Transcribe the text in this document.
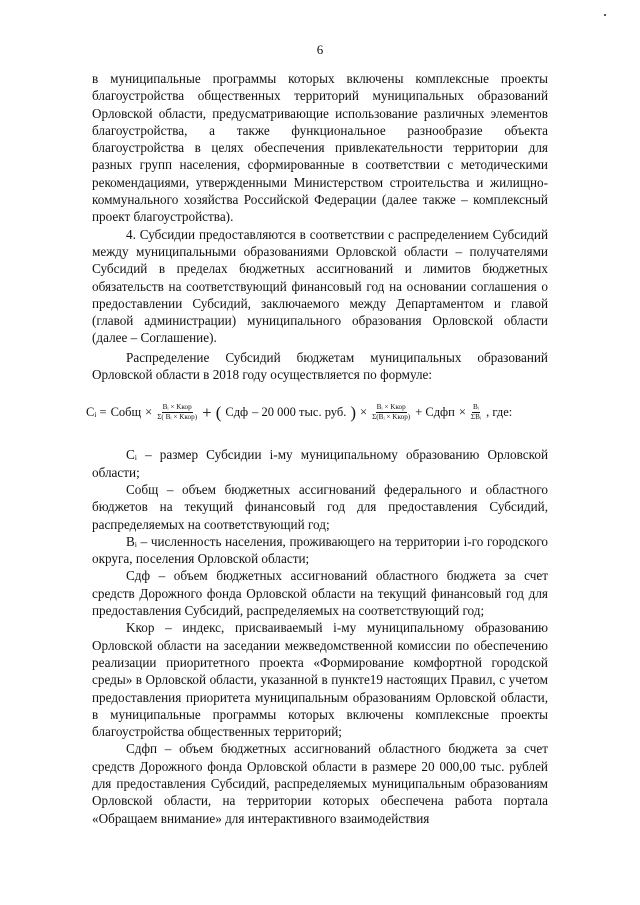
6

в муниципальные программы которых включены комплексные проекты благоустройства общественных территорий муниципальных образований Орловской области, предусматривающие использование различных элементов благоустройства, а также функциональное разнообразие объекта благоустройства в целях обеспечения привлекательности территории для разных групп населения, сформированные в соответствии с методическими рекомендациями, утвержденными Министерством строительства и жилищно-коммунального хозяйства Российской Федерации (далее также – комплексный проект благоустройства).

4. Субсидии предоставляются в соответствии с распределением Субсидий между муниципальными образованиями Орловской области – получателями Субсидий в пределах бюджетных ассигнований и лимитов бюджетных обязательств на соответствующий финансовый год на основании соглашения о предоставлении Субсидий, заключаемого между Департаментом и главой (главой администрации) муниципального образования Орловской области (далее – Соглашение).

Распределение Субсидий бюджетам муниципальных образований Орловской области в 2018 году осуществляется по формуле:

Cᵢ = Cобщ × $\frac{\text{Bᵢ × Kкор}}{\text{Σ( Bᵢ × Kкор)}}$ + ( Cдф – 20 000 тыс. руб. ) × $\frac{\text{Bᵢ × Kкор}}{\text{Σ(Bᵢ × Kкор)}}$ + Cдфп × $\frac{\text{Bᵢ}}{\text{ΣBᵢ}}$ , где:

Cᵢ – размер Субсидии i-му муниципальному образованию Орловской области;

Cобщ – объем бюджетных ассигнований федерального и областного бюджетов на текущий финансовый год для предоставления Субсидий, распределяемых на соответствующий год;

Bᵢ – численность населения, проживающего на территории i-го городского округа, поселения Орловской области;

Cдф – объем бюджетных ассигнований областного бюджета за счет средств Дорожного фонда Орловской области на текущий финансовый год для предоставления Субсидий, распределяемых на соответствующий год;

Kкор – индекс, присваиваемый i-му муниципальному образованию Орловской области на заседании межведомственной комиссии по обеспечению реализации приоритетного проекта «Формирование комфортной городской среды» в Орловской области, указанной в пункте19 настоящих Правил, с учетом предоставления приоритета муниципальным образованиям Орловской области, в муниципальные программы которых включены комплексные проекты благоустройства общественных территорий;

Cдфп – объем бюджетных ассигнований областного бюджета за счет средств Дорожного фонда Орловской области в размере 20 000,00 тыс. рублей для предоставления Субсидий, распределяемых муниципальным образованиям Орловской области, на территории которых обеспечена работа портала «Обращаем внимание» для интерактивного взаимодействия
